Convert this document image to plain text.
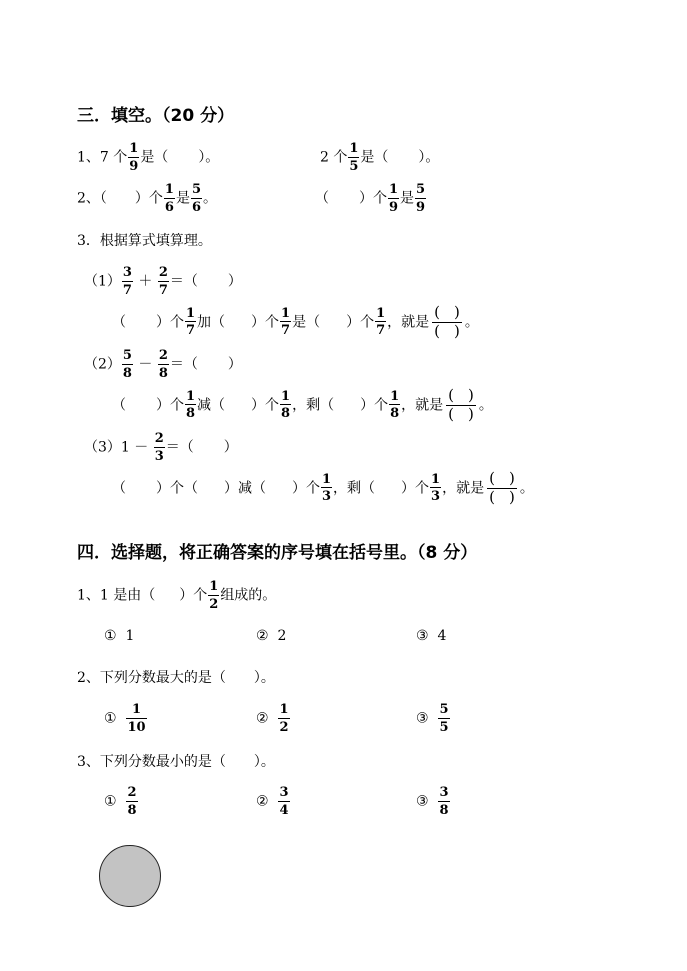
三．填空。（20 分）
1、7 个 $\frac{1}{9}$ 是（ ）。	2 个 $\frac{1}{5}$ 是（ ）。
2、（ ）个 $\frac{1}{6}$ 是 $\frac{5}{6}$ 。	（ ）个 $\frac{1}{9}$ 是 $\frac{5}{9}$
3．根据算式填算理。
$(1) \frac{3}{7} + \frac{2}{7}$ ＝（ ）
（ ）个 $\frac{1}{7}$ 加（ ）个 $\frac{1}{7}$ 是（ ）个 $\frac{1}{7}$ ，就是 $\frac{( )}{( )}$ 。
$(2) \frac{5}{8} - \frac{2}{8}$ ＝（ ）
（ ）个 $\frac{1}{8}$ 减（ ）个 $\frac{1}{8}$ ，剩（ ）个 $\frac{1}{8}$ ，就是 $\frac{( )}{( )}$ 。
$(3)1 - \frac{2}{3}$ ＝（ ）
（ ）个（ ）减（ ）个 $\frac{1}{3}$ ，剩（ ）个 $\frac{1}{3}$ ，就是 $\frac{( )}{( )}$ 。
四．选择题，将正确答案的序号填在括号里。（8 分）
1、1 是由（ ）个 $\frac{1}{2}$ 组成的。
① 1	② 2	③ 4
2、下列分数最大的是（　　）。
① $\frac{1}{10}$	② $\frac{1}{2}$	③ $\frac{5}{5}$
3、下列分数最小的是（　　）。
① $\frac{2}{8}$	② $\frac{3}{4}$	③ $\frac{3}{8}$
